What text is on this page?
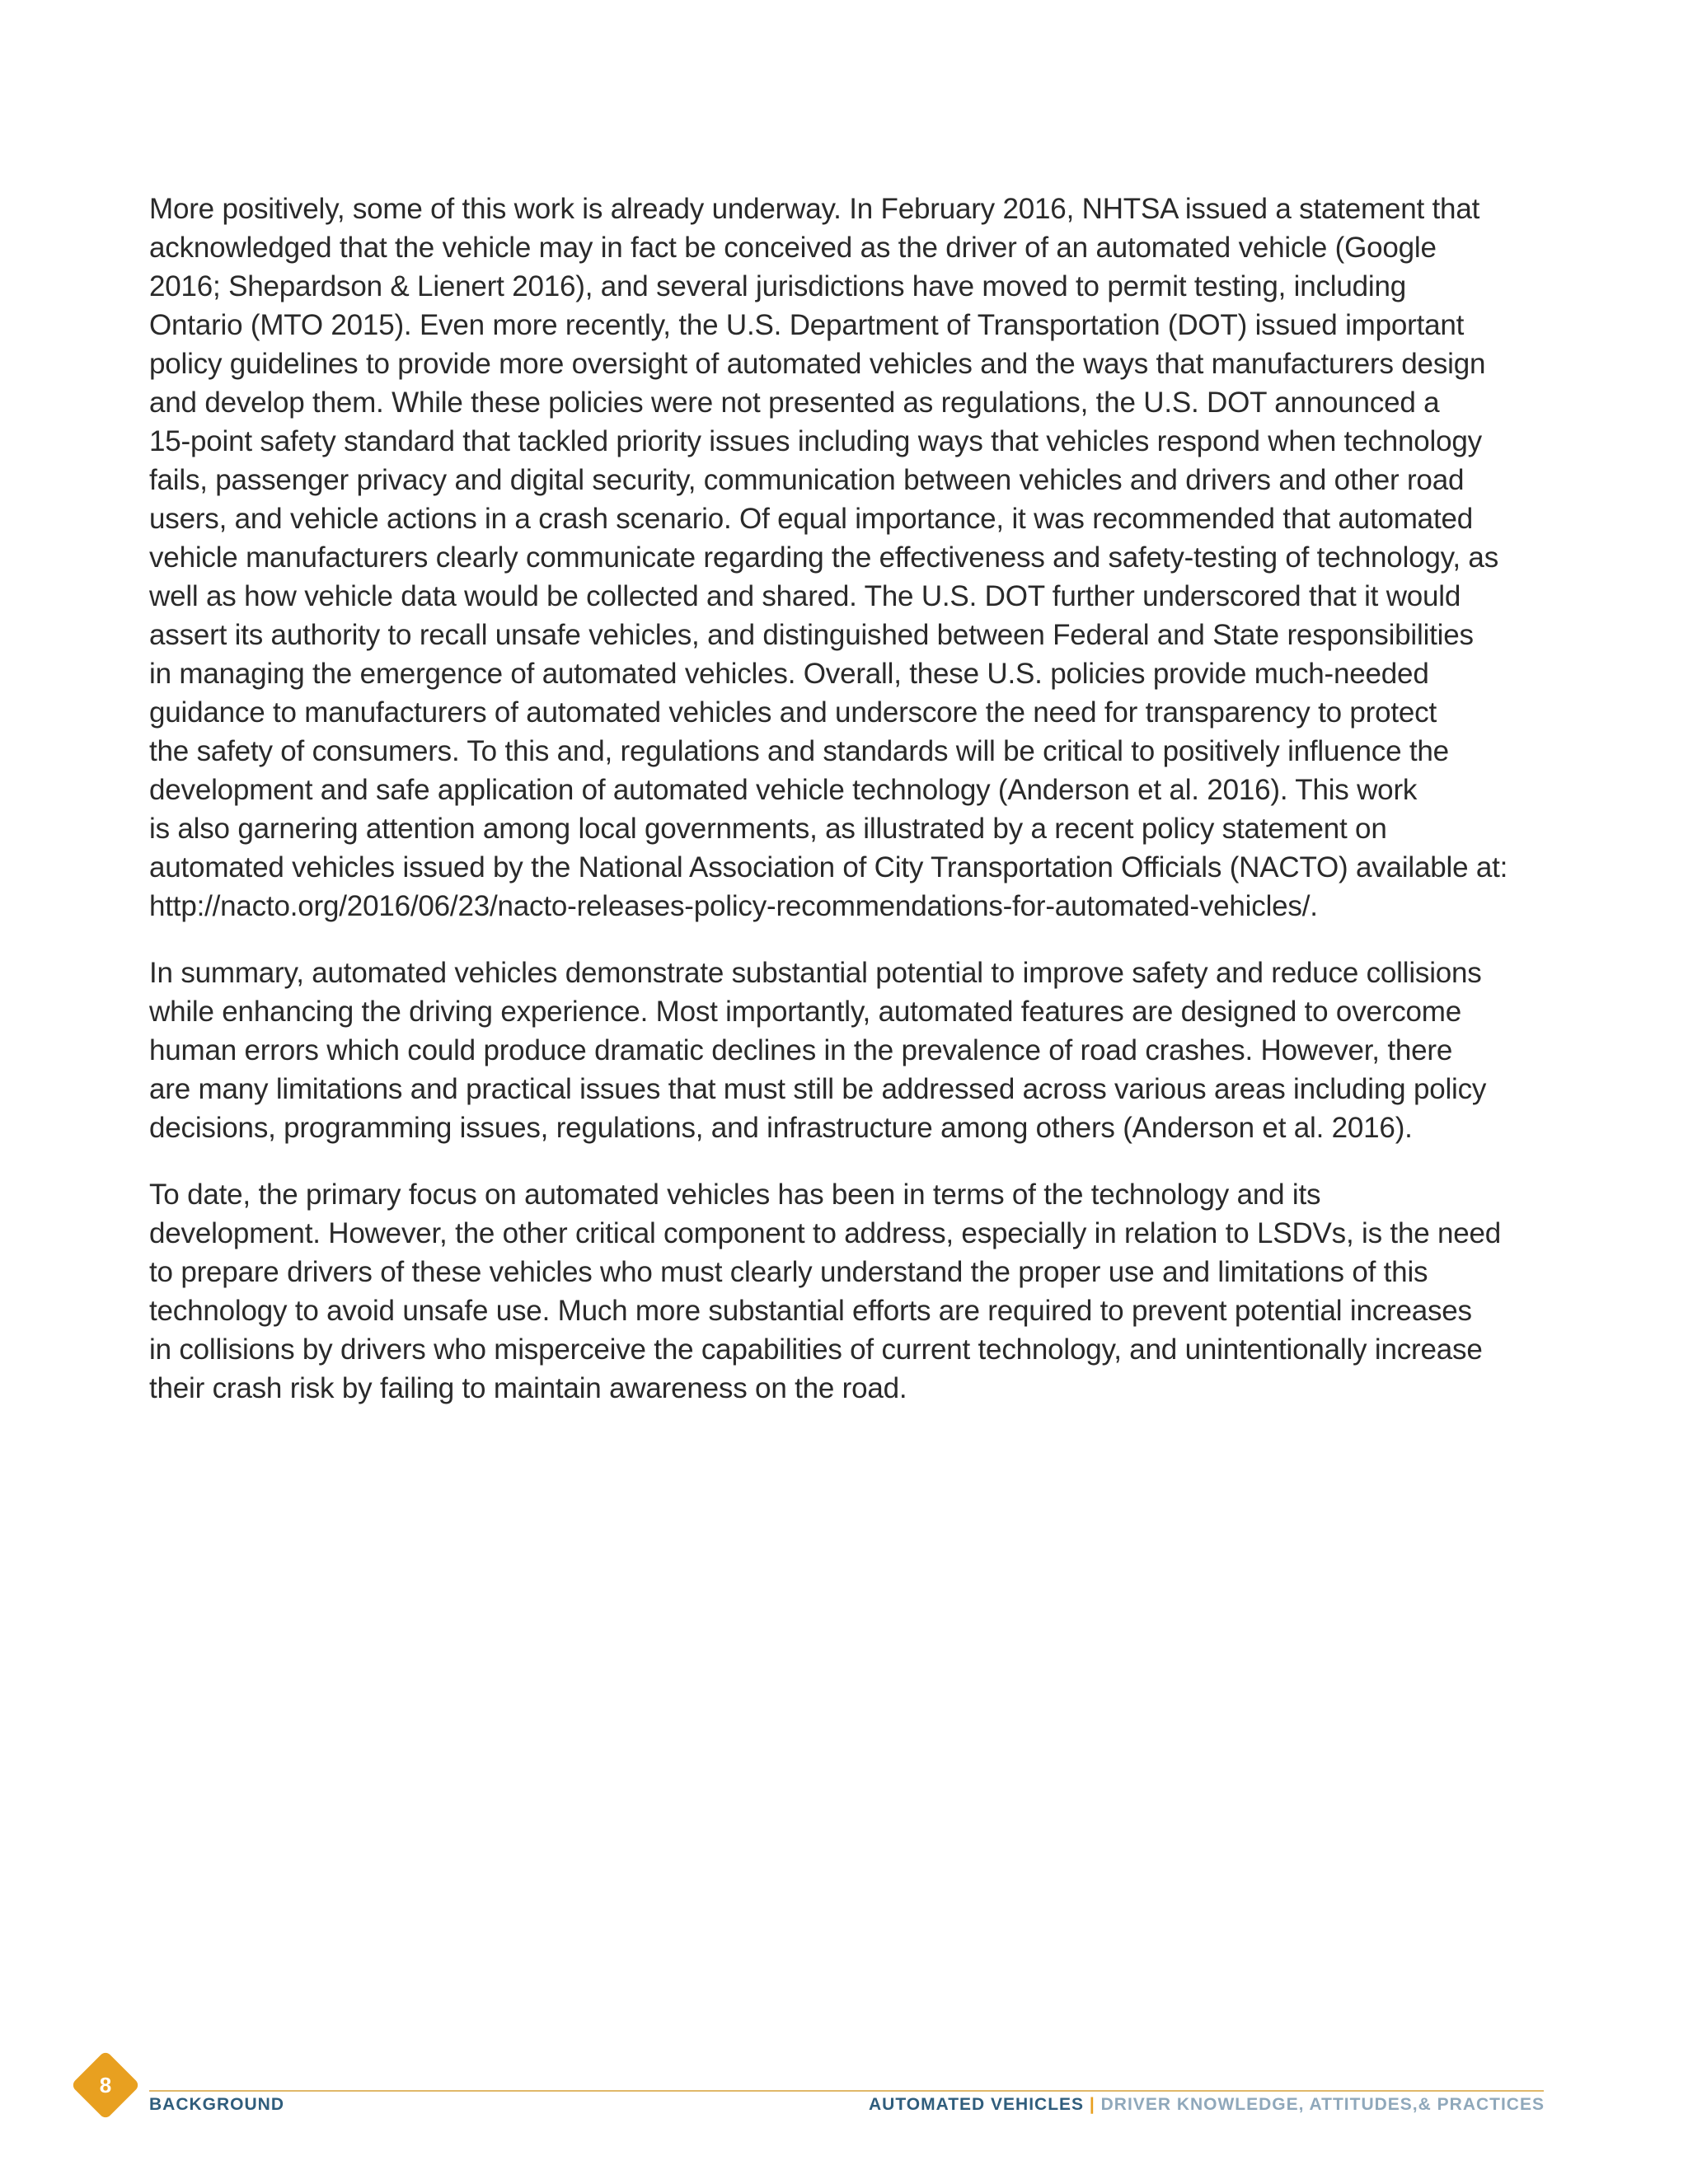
More positively, some of this work is already underway. In February 2016, NHTSA issued a statement that
acknowledged that the vehicle may in fact be conceived as the driver of an automated vehicle (Google
2016; Shepardson & Lienert 2016), and several jurisdictions have moved to permit testing, including
Ontario (MTO 2015). Even more recently, the U.S. Department of Transportation (DOT) issued important
policy guidelines to provide more oversight of automated vehicles and the ways that manufacturers design
and develop them. While these policies were not presented as regulations, the U.S. DOT announced a
15-point safety standard that tackled priority issues including ways that vehicles respond when technology
fails, passenger privacy and digital security, communication between vehicles and drivers and other road
users, and vehicle actions in a crash scenario. Of equal importance, it was recommended that automated
vehicle manufacturers clearly communicate regarding the effectiveness and safety-testing of technology, as
well as how vehicle data would be collected and shared. The U.S. DOT further underscored that it would
assert its authority to recall unsafe vehicles, and distinguished between Federal and State responsibilities
in managing the emergence of automated vehicles. Overall, these U.S. policies provide much-needed
guidance to manufacturers of automated vehicles and underscore the need for transparency to protect
the safety of consumers. To this and, regulations and standards will be critical to positively influence the
development and safe application of automated vehicle technology (Anderson et al. 2016). This work
is also garnering attention among local governments, as illustrated by a recent policy statement on
automated vehicles issued by the National Association of City Transportation Officials (NACTO) available at:
http://nacto.org/2016/06/23/nacto-releases-policy-recommendations-for-automated-vehicles/.
In summary, automated vehicles demonstrate substantial potential to improve safety and reduce collisions
while enhancing the driving experience. Most importantly, automated features are designed to overcome
human errors which could produce dramatic declines in the prevalence of road crashes. However, there
are many limitations and practical issues that must still be addressed across various areas including policy
decisions, programming issues, regulations, and infrastructure among others (Anderson et al. 2016).
To date, the primary focus on automated vehicles has been in terms of the technology and its
development. However, the other critical component to address, especially in relation to LSDVs, is the need
to prepare drivers of these vehicles who must clearly understand the proper use and limitations of this
technology to avoid unsafe use. Much more substantial efforts are required to prevent potential increases
in collisions by drivers who misperceive the capabilities of current technology, and unintentionally increase
their crash risk by failing to maintain awareness on the road.
8
BACKGROUND	AUTOMATED VEHICLES | DRIVER KNOWLEDGE, ATTITUDES,& PRACTICES
